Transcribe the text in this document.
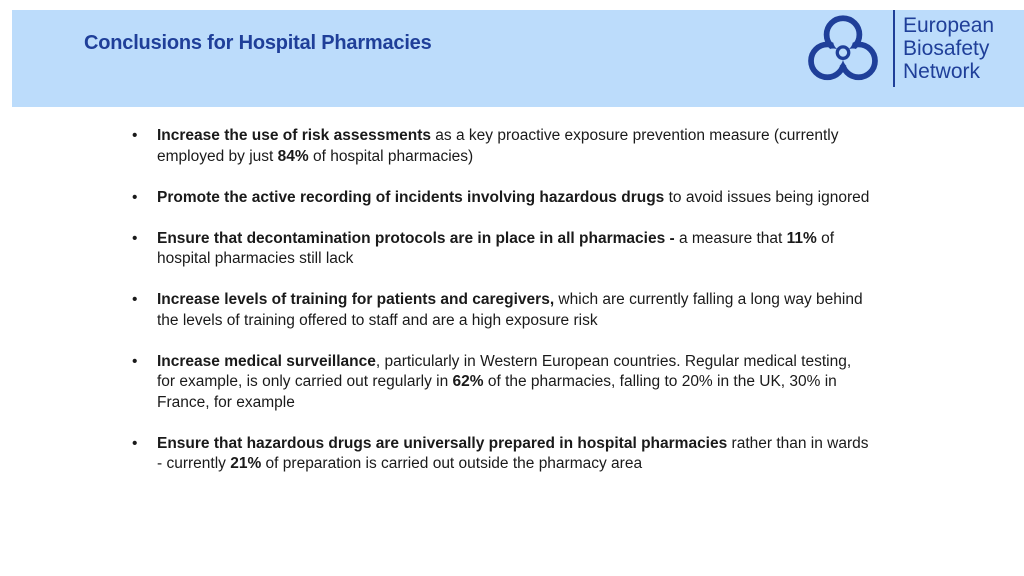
Conclusions for Hospital Pharmacies
European
Biosafety
Network
• Increase the use of risk assessments as a key proactive exposure prevention measure (currently employed by just 84% of hospital pharmacies)
• Promote the active recording of incidents involving hazardous drugs to avoid issues being ignored
• Ensure that decontamination protocols are in place in all pharmacies - a measure that 11% of hospital pharmacies still lack
• Increase levels of training for patients and caregivers, which are currently falling a long way behind the levels of training offered to staff and are a high exposure risk
• Increase medical surveillance, particularly in Western European countries. Regular medical testing, for example, is only carried out regularly in 62% of the pharmacies, falling to 20% in the UK, 30% in France, for example
• Ensure that hazardous drugs are universally prepared in hospital pharmacies rather than in wards - currently 21% of preparation is carried out outside the pharmacy area
